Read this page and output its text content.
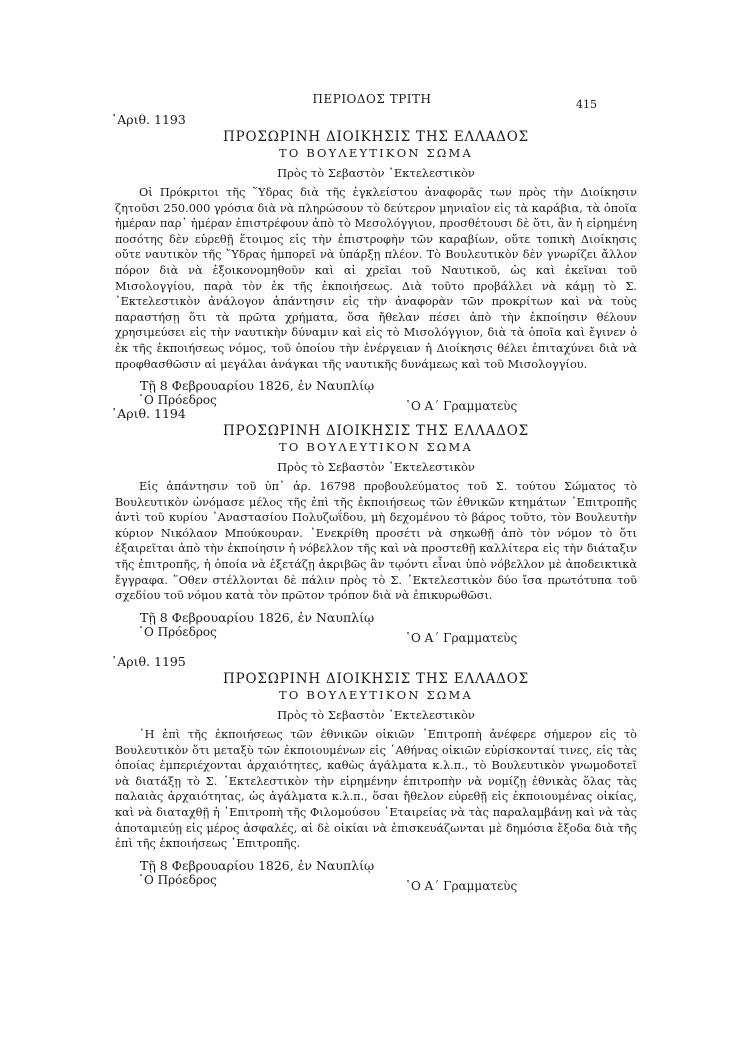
ΠΕΡΙΟΔΟΣ ΤΡΙΤΗ	415
᾿Αριθ. 1193
ΠΡΟΣΩΡΙΝΗ ΔΙΟΙΚΗΣΙΣ ΤΗΣ ΕΛΛΑΔΟΣ
ΤΟ ΒΟΥΛΕΥΤΙΚΟΝ ΣΩΜΑ
Πρὸς τὸ Σεβαστὸν ᾿Εκτελεστικὸν
Οἱ Πρόκριτοι τῆς ῞Υδρας διὰ τῆς ἐγκλείστου ἀναφορᾶς των πρὸς τὴν Διοίκησιν ζητοῦσι 250.000 γρόσια διὰ νὰ πληρώσουν τὸ δεύτερον μηνιαῖον εἰς τὰ καράβια, τὰ ὁποῖα ἡμέραν παρ᾿ ἡμέραν ἐπιστρέφουν ἀπὸ τὸ Μεσολόγγιον, προσθέτουσι δὲ ὅτι, ἂν ἡ εἰρημένη ποσότης δὲν εὑρεθῇ ἕτοιμος εἰς τὴν ἐπιστροφὴν τῶν καραβίων, οὔτε τοπικὴ Διοίκησις οὔτε ναυτικὸν τῆς ῞Υδρας ἠμπορεῖ νὰ ὑπάρξῃ πλέον. Τὸ Βουλευτικὸν δὲν γνωρίζει ἄλλον πόρον διὰ νὰ ἐξοικονομηθοῦν καὶ αἱ χρεῖαι τοῦ Ναυτικοῦ, ὡς καὶ ἐκεῖναι τοῦ Μισολογγίου, παρὰ τὸν ἐκ τῆς ἐκποιήσεως. Διὰ τοῦτο προβάλλει νὰ κάμῃ τὸ Σ. ᾿Εκτελεστικὸν ἀνάλογον ἀπάντησιν εἰς τὴν ἀναφορὰν τῶν προκρίτων καὶ νὰ τοὺς παραστήσῃ ὅτι τὰ πρῶτα χρήματα, ὅσα ἤθελαν πέσει ἀπὸ τὴν ἐκποίησιν θέλουν χρησιμεύσει εἰς τὴν ναυτικὴν δύναμιν καὶ εἰς τὸ Μισολόγγιον, διὰ τὰ ὁποῖα καὶ ἔγινεν ὁ ἐκ τῆς ἐκποιήσεως νόμος, τοῦ ὁποίου τὴν ἐνέργειαν ἡ Διοίκησις θέλει ἐπιταχύνει διὰ νὰ προφθασθῶσιν αἱ μεγάλαι ἀνάγκαι τῆς ναυτικῆς δυνάμεως καὶ τοῦ Μισολογγίου.
Τῇ 8 Φεβρουαρίου 1826, ἐν Ναυπλίῳ
῾Ο Πρόεδρος	῾Ο Α΄ Γραμματεὺς
᾿Αριθ. 1194
ΠΡΟΣΩΡΙΝΗ ΔΙΟΙΚΗΣΙΣ ΤΗΣ ΕΛΛΑΔΟΣ
ΤΟ ΒΟΥΛΕΥΤΙΚΟΝ ΣΩΜΑ
Πρὸς τὸ Σεβαστὸν ᾿Εκτελεστικὸν
Εἰς ἀπάντησιν τοῦ ὑπ᾿ ἀρ. 16798 προβουλεύματος τοῦ Σ. τούτου Σώματος τὸ Βουλευτικὸν ὠνόμασε μέλος τῆς ἐπὶ τῆς ἐκποιήσεως τῶν ἐθνικῶν κτημάτων ᾿Επιτροπῆς ἀντὶ τοῦ κυρίου ᾿Αναστασίου Πολυζωΐδου, μὴ δεχομένου τὸ βάρος τοῦτο, τὸν Βουλευτὴν κύριον Νικόλαον Μπούκουραν. ᾿Ενεκρίθη προσέτι νὰ σηκωθῇ ἀπὸ τὸν νόμον τὸ ὅτι ἐξαιρεῖται ἀπὸ τὴν ἐκποίησιν ἡ νόβελλον τῆς καὶ νὰ προστεθῇ καλλίτερα εἰς τὴν διάταξιν τῆς ἐπιτροπῆς, ἡ ὁποία νὰ ἐξετάζῃ ἀκριβῶς ἂν τῳόντι εἶναι ὑπὸ νόβελλον μὲ ἀποδεικτικὰ ἔγγραφα. ῞Οθεν στέλλονται δὲ πάλιν πρὸς τὸ Σ. ᾿Εκτελεστικὸν δύο ἴσα πρωτότυπα τοῦ σχεδίου τοῦ νόμου κατὰ τὸν πρῶτον τρόπον διὰ νὰ ἐπικυρωθῶσι.
Τῇ 8 Φεβρουαρίου 1826, ἐν Ναυπλίῳ
῾Ο Πρόεδρος	῾Ο Α΄ Γραμματεὺς
᾿Αριθ. 1195
ΠΡΟΣΩΡΙΝΗ ΔΙΟΙΚΗΣΙΣ ΤΗΣ ΕΛΛΑΔΟΣ
ΤΟ ΒΟΥΛΕΥΤΙΚΟΝ ΣΩΜΑ
Πρὸς τὸ Σεβαστὸν ᾿Εκτελεστικὸν
῾Η ἐπὶ τῆς ἐκποιήσεως τῶν ἐθνικῶν οἰκιῶν ᾿Επιτροπὴ ἀνέφερε σήμερον εἰς τὸ Βουλευτικὸν ὅτι μεταξὺ τῶν ἐκποιουμένων εἰς ᾿Αθήνας οἰκιῶν εὑρίσκονταί τινες, εἰς τὰς ὁποίας ἐμπεριέχονται ἀρχαιότητες, καθὼς ἀγάλματα κ.λ.π., τὸ Βουλευτικὸν γνωμοδοτεῖ νὰ διατάξῃ τὸ Σ. ᾿Εκτελεστικὸν τὴν εἰρημένην ἐπιτροπὴν νὰ νομίζῃ ἐθνικὰς ὅλας τὰς παλαιὰς ἀρχαιότητας, ὡς ἀγάλματα κ.λ.π., ὅσαι ἤθελον εὑρεθῇ εἰς ἐκποιουμένας οἰκίας, καὶ νὰ διαταχθῇ ἡ ᾿Επιτροπὴ τῆς Φιλομούσου ᾿Εταιρείας νὰ τὰς παραλαμβάνῃ καὶ νὰ τὰς ἀποταμιεύῃ εἰς μέρος ἀσφαλές, αἱ δὲ οἰκίαι νὰ ἐπισκευάζωνται μὲ δημόσια ἔξοδα διὰ τῆς ἐπὶ τῆς ἐκποιήσεως ᾿Επιτροπῆς.
Τῇ 8 Φεβρουαρίου 1826, ἐν Ναυπλίῳ
῾Ο Πρόεδρος	῾Ο Α΄ Γραμματεὺς
